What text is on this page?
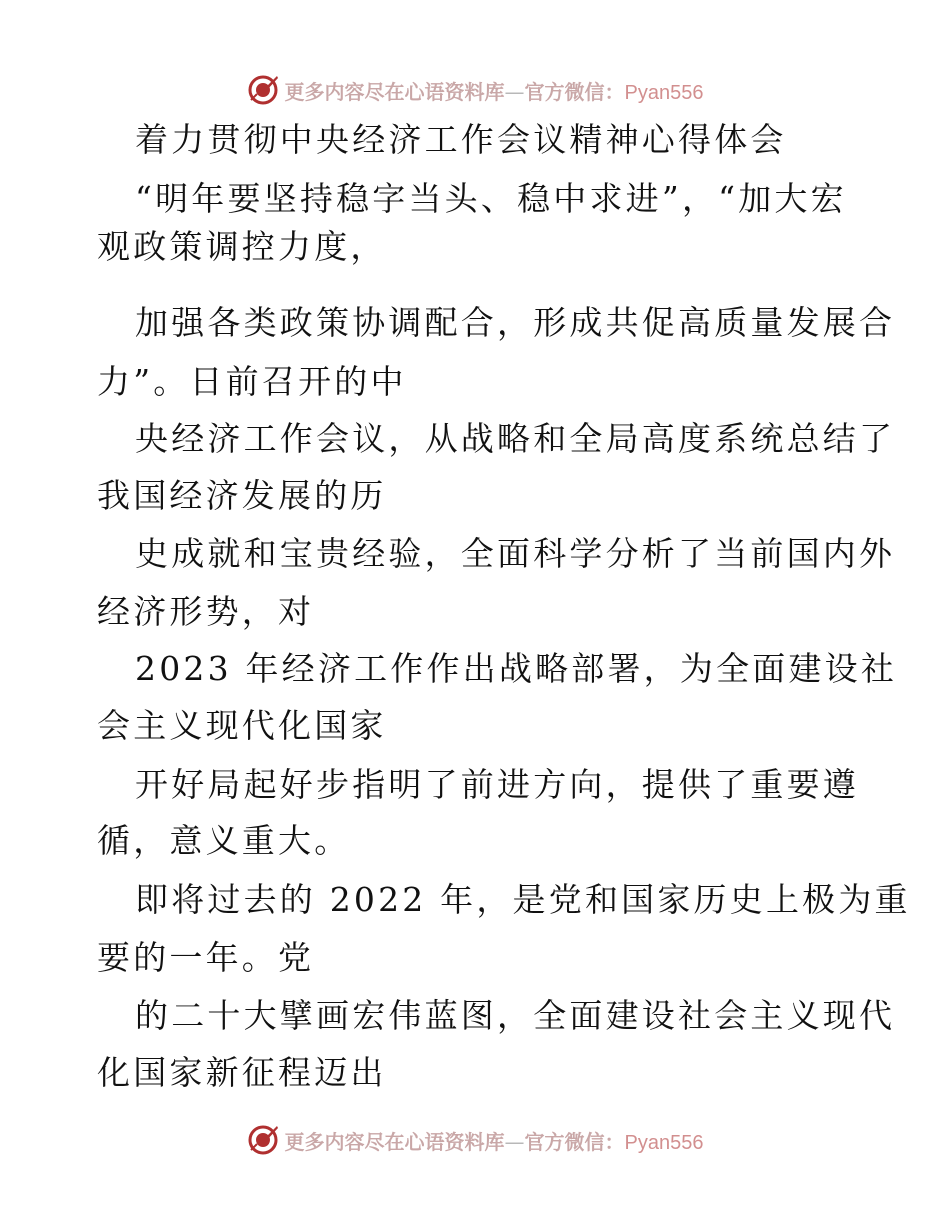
更多内容尽在心语资料库—官方微信：Pyan556
着力贯彻中央经济工作会议精神心得体会
“明年要坚持稳字当头、稳中求进”，“加大宏
观政策调控力度，
加强各类政策协调配合，形成共促高质量发展合
力”。日前召开的中
央经济工作会议，从战略和全局高度系统总结了
我国经济发展的历
史成就和宝贵经验，全面科学分析了当前国内外
经济形势，对
2023 年经济工作作出战略部署，为全面建设社
会主义现代化国家
开好局起好步指明了前进方向，提供了重要遵
循，意义重大。
即将过去的 2022 年，是党和国家历史上极为重
要的一年。党
的二十大擘画宏伟蓝图，全面建设社会主义现代
化国家新征程迈出
更多内容尽在心语资料库—官方微信：Pyan556
